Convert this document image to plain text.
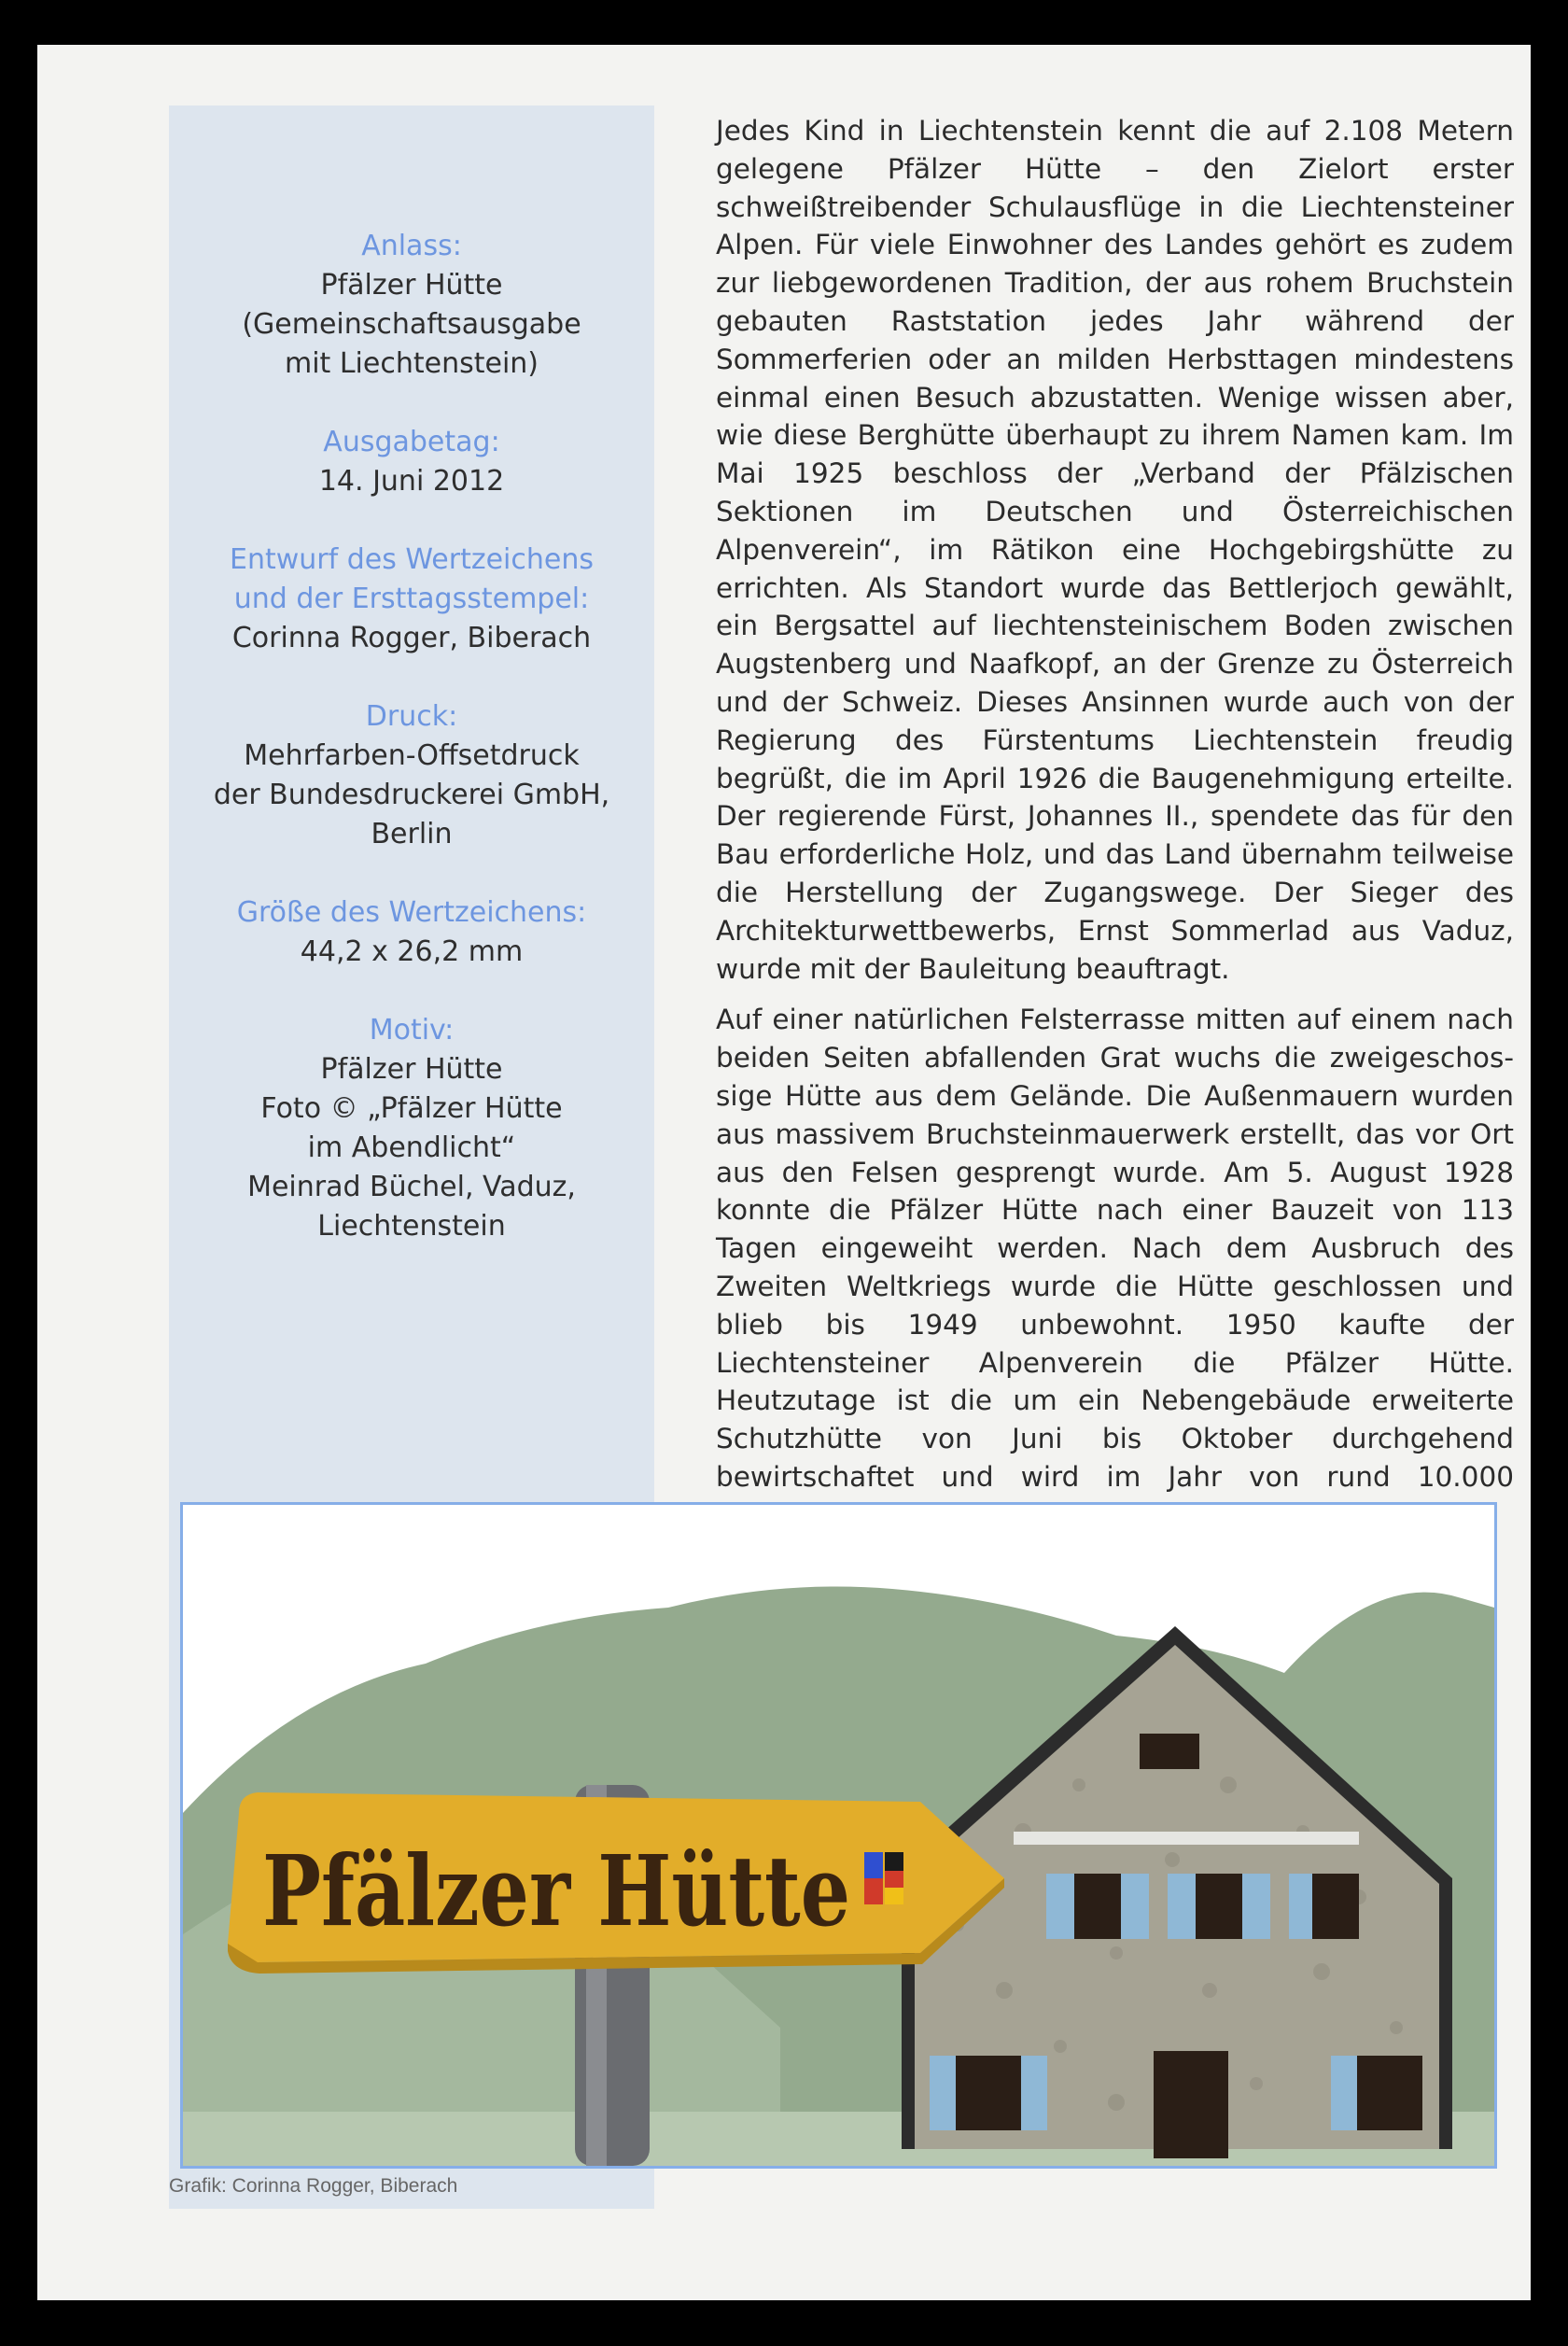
Anlass:
Pfälzer Hütte
(Gemeinschaftsausgabe
mit Liechtenstein)
Ausgabetag:
14. Juni 2012
Entwurf des Wertzeichens
und der Ersttagsstempel:
Corinna Rogger, Biberach
Druck:
Mehrfarben-Offsetdruck
der Bundesdruckerei GmbH,
Berlin
Größe des Wertzeichens:
44,2 x 26,2 mm
Motiv:
Pfälzer Hütte
Foto © „Pfälzer Hütte
im Abendlicht“
Meinrad Büchel, Vaduz,
Liechtenstein

Jedes Kind in Liechtenstein kennt die auf 2.108 Metern gelegene Pfälzer Hütte – den Zielort erster schweißtreibender Schulausflüge in die Liechtensteiner Alpen. Für viele Einwohner des Landes gehört es zudem zur liebgewordenen Tradition, der aus rohem Bruchstein gebauten Raststation jedes Jahr während der Sommerferien oder an milden Herbsttagen mindestens einmal einen Besuch abzustatten. Wenige wissen aber, wie diese Berghütte überhaupt zu ihrem Namen kam. Im Mai 1925 beschloss der „Verband der Pfälzischen Sektionen im Deutschen und Österreichischen Alpenverein“, im Rätikon eine Hochgebirgshütte zu errichten. Als Standort wurde das Bettlerjoch gewählt, ein Bergsattel auf liechtensteinischem Boden zwischen Augstenberg und Naafkopf, an der Grenze zu Österreich und der Schweiz. Dieses Ansinnen wurde auch von der Regierung des Fürstentums Liechtenstein freudig begrüßt, die im April 1926 die Baugenehmigung erteilte. Der regierende Fürst, Johannes II., spendete das für den Bau erforderliche Holz, und das Land übernahm teilweise die Herstellung der Zugangswege. Der Sieger des Architekturwettbewerbs, Ernst Sommerlad aus Vaduz, wurde mit der Bauleitung beauftragt.

Auf einer natürlichen Felsterrasse mitten auf einem nach beiden Seiten abfallenden Grat wuchs die zweigeschossige Hütte aus dem Gelände. Die Außenmauern wurden aus massivem Bruchsteinmauerwerk erstellt, das vor Ort aus den Felsen gesprengt wurde. Am 5. August 1928 konnte die Pfälzer Hütte nach einer Bauzeit von 113 Tagen eingeweiht werden. Nach dem Ausbruch des Zweiten Weltkriegs wurde die Hütte geschlossen und blieb bis 1949 unbewohnt. 1950 kaufte der Liechtensteiner Alpenverein die Pfälzer Hütte. Heutzutage ist die um ein Nebengebäude erweiterte Schutzhütte von Juni bis Oktober durchgehend bewirtschaftet und wird im Jahr von rund 10.000

Pfälzer Hütte
Grafik: Corinna Rogger, Biberach
